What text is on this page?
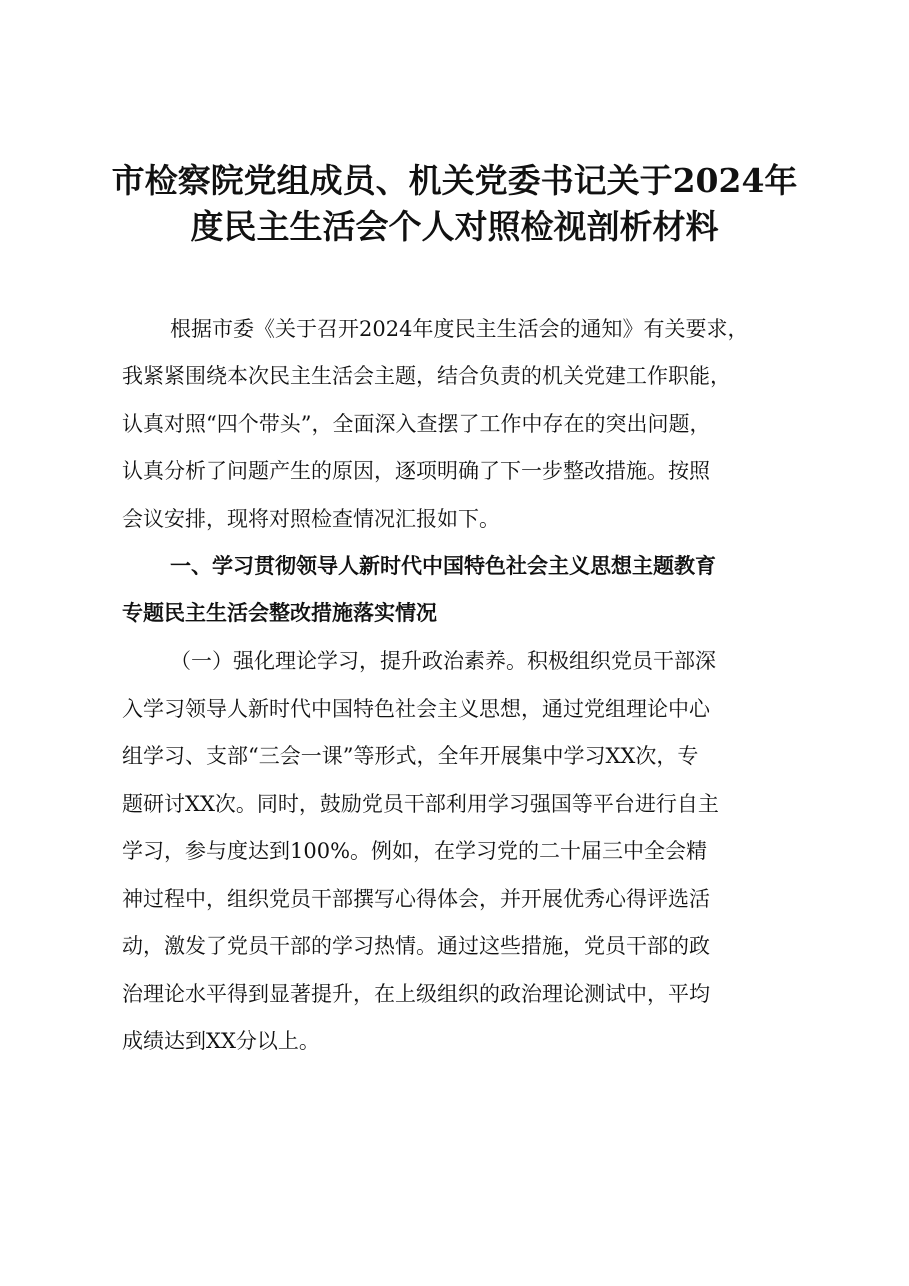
市检察院党组成员、机关党委书记关于2024年
度民主生活会个人对照检视剖析材料

根据市委《关于召开2024年度民主生活会的通知》有关要求，

我紧紧围绕本次民主生活会主题，结合负责的机关党建工作职能，

认真对照“四个带头”，全面深入查摆了工作中存在的突出问题，

认真分析了问题产生的原因，逐项明确了下一步整改措施。按照

会议安排，现将对照检查情况汇报如下。

一、学习贯彻领导人新时代中国特色社会主义思想主题教育

专题民主生活会整改措施落实情况

（一）强化理论学习，提升政治素养。积极组织党员干部深

入学习领导人新时代中国特色社会主义思想，通过党组理论中心

组学习、支部“三会一课”等形式，全年开展集中学习XX次，专

题研讨XX次。同时，鼓励党员干部利用学习强国等平台进行自主

学习，参与度达到100%。例如，在学习党的二十届三中全会精

神过程中，组织党员干部撰写心得体会，并开展优秀心得评选活

动，激发了党员干部的学习热情。通过这些措施，党员干部的政

治理论水平得到显著提升，在上级组织的政治理论测试中，平均

成绩达到XX分以上。
